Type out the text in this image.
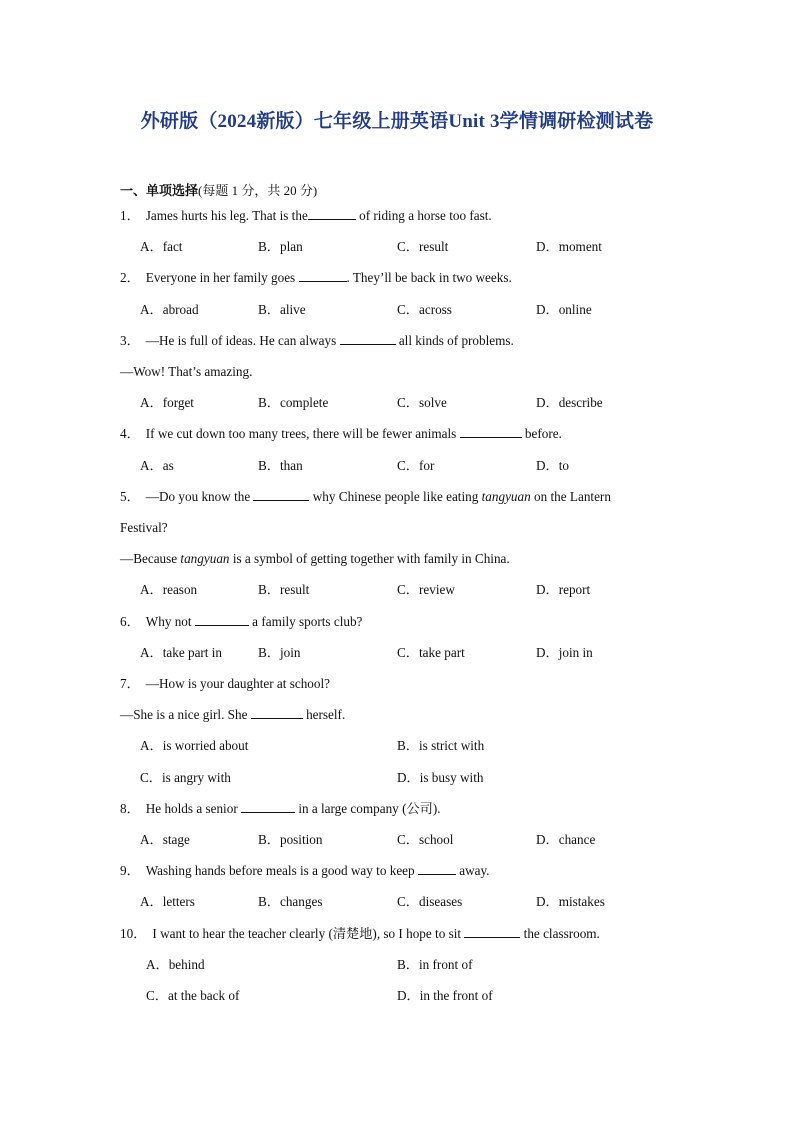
外研版（2024新版）七年级上册英语Unit 3学情调研检测试卷
一、单项选择(每题 1 分，共 20 分)
1． James hurts his leg. That is the	of riding a horse too fast.
A．fact	B．plan	C．result	D．moment
2． Everyone in her family goes	. They’ll be back in two weeks.
A．abroad	B．alive	C．across	D．online
3． —He is full of ideas. He can always	all kinds of problems.
—Wow! That’s amazing.
A．forget	B．complete	C．solve	D．describe
4． If we cut down too many trees, there will be fewer animals	before.
A．as	B．than	C．for	D．to
5． —Do you know the	why Chinese people like eating tangyuan on the Lantern
Festival?
—Because tangyuan is a symbol of getting together with family in China.
A．reason	B．result	C．review	D．report
6． Why not	a family sports club?
A．take part in	B．join	C．take part	D．join in
7． —How is your daughter at school?
—She is a nice girl. She	herself.
A．is worried about	B．is strict with
C．is angry with	D．is busy with
8． He holds a senior	in a large company (公司).
A．stage	B．position	C．school	D．chance
9． Washing hands before meals is a good way to keep	away.
A．letters	B．changes	C．diseases	D．mistakes
10． I want to hear the teacher clearly (清楚地), so I hope to sit	the classroom.
A．behind	B．in front of
C．at the back of	D．in the front of
